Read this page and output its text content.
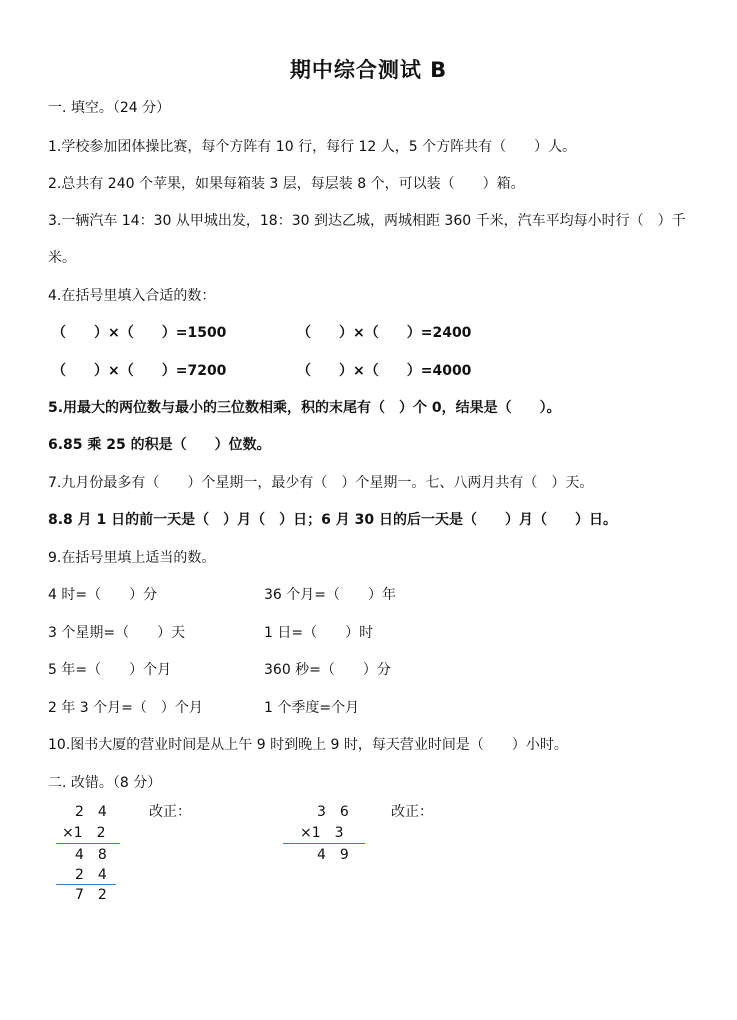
期中综合测试 B
一. 填空。（24 分）
1.学校参加团体操比赛，每个方阵有 10 行，每行 12 人，5 个方阵共有（　　）人。
2.总共有 240 个苹果，如果每箱装 3 层，每层装 8 个，可以装（　　）箱。
3.一辆汽车 14：30 从甲城出发，18：30 到达乙城，两城相距 360 千米，汽车平均每小时行（　）千
米。
4.在括号里填入合适的数：
（　　）×（　　）=1500	（　　）×（　　）=2400
（　　）×（　　）=7200	（　　）×（　　）=4000
5.用最大的两位数与最小的三位数相乘，积的末尾有（　）个 0，结果是（　　）。
6.85 乘 25 的积是（　　）位数。
7.九月份最多有（　　）个星期一，最少有（　）个星期一。七、八两月共有（　）天。
8.8 月 1 日的前一天是（　）月（　）日；6 月 30 日的后一天是（　　）月（　　）日。
9.在括号里填上适当的数。
4 时=（　　）分	36 个月=（　　）年
3 个星期=（　　）天	1 日=（　　）时
5 年=（　　）个月	360 秒=（　　）分
2 年 3 个月=（　）个月	1 个季度=个月
10.图书大厦的营业时间是从上午 9 时到晚上 9 时，每天营业时间是（　　）小时。
二. 改错。（8 分）
2　4
×1　2
4　8
2　4
7　2
改正：	3　6
×1　3
4　9
改正：
